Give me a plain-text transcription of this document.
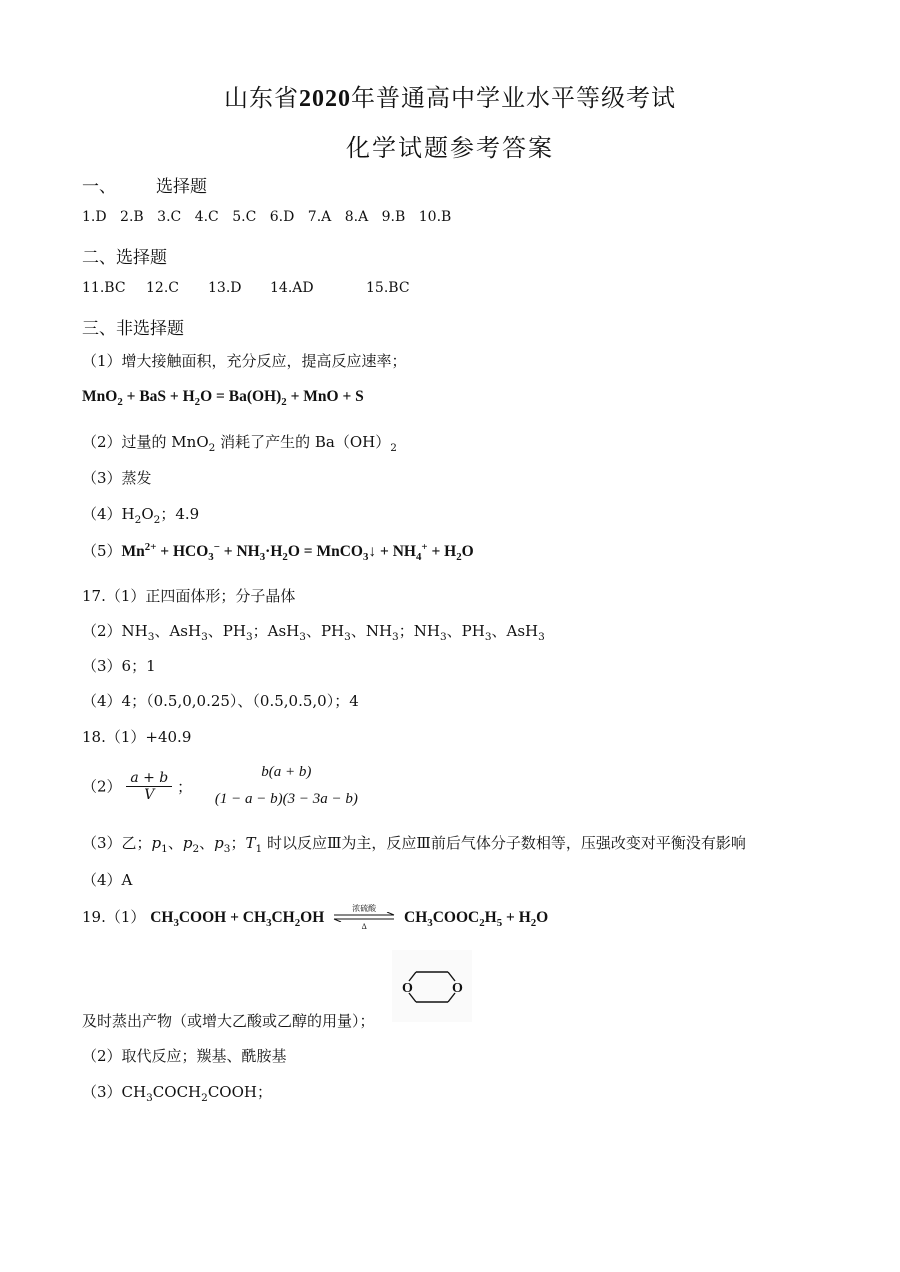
山东省2020年普通高中学业水平等级考试
化学试题参考答案
一、 选择题
1.D 2.B 3.C 4.C 5.C 6.D 7.A 8.A 9.B 10.B
二、选择题
11.BC 12.C 13.D 14.AD	15.BC
三、非选择题
（1）增大接触面积，充分反应，提高反应速率；
MnO$_2$ + BaS + $H_2O = Ba(OH)_2$ + MnO + S
（2）过量的 MnO$_2$ 消耗了产生的 $Ba(OH)_2$
（3）蒸发
$(4)H_2O_2$；4.9
$(5)Mn^{2+} + HCO_3^- + NH_3\cdot H_2O$ = MnCO$_3$↓ + $NH_4^+ + H_2O$
17.（1）正四面体形；分子晶体
$(2)NH_3$、AsH$_3$、$PH_3$；AsH$_3$、$PH_3$、$NH_3$；$NH_3$、$PH_3$、AsH$_3$
（3）6；1
（4）4；（0.5,0,0.25）、（0.5,0.5,0）；4
18.（1）+40.9
$(2) \frac{a + b}{V}$ ；
b(a + b)
(1 − a − b)(3 − 3a − b)
（3）乙；$p_1$、$p_2$、$p_3$；$T_1$ 时以反应Ⅲ为主，反应Ⅲ前后气体分子数相等，压强改变对平衡没有影响
（4）A
19.（1） $CH_3COOH + CH_3CH_2OH$
浓硫酸
Δ
$CH_3COOC_2H_5 + H_2O$
O	O
及时蒸出产物（或增大乙酸或乙醇的用量）；
（2）取代反应；羰基、酰胺基
$(3)CH_3COCH_2COOH$；
